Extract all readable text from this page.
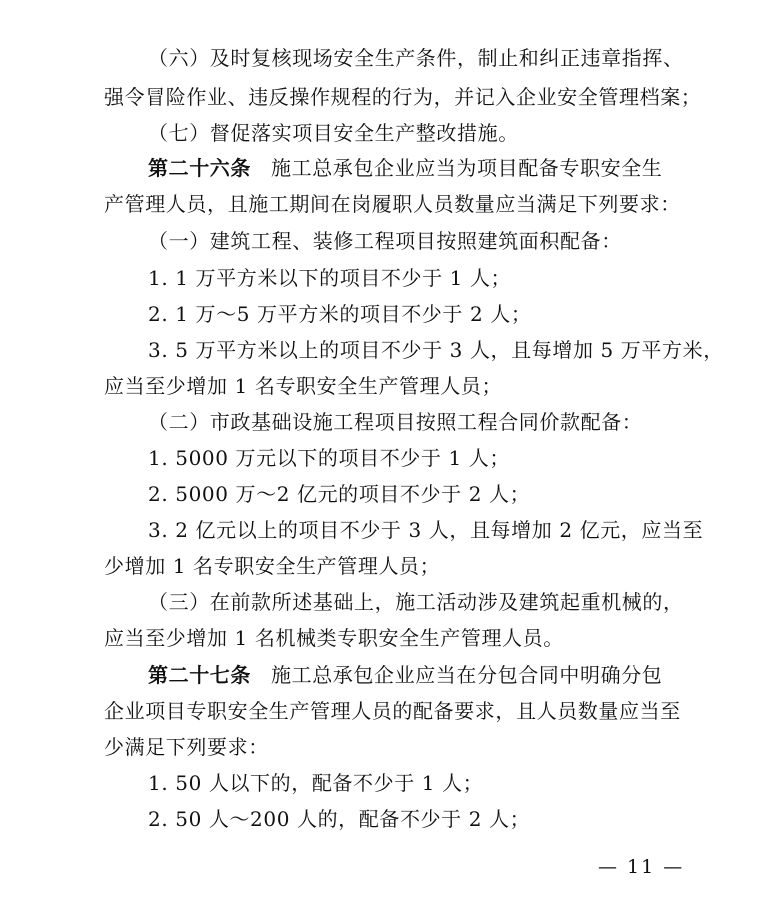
（六）及时复核现场安全生产条件，制止和纠正违章指挥、
强令冒险作业、违反操作规程的行为，并记入企业安全管理档案；
（七）督促落实项目安全生产整改措施。
第二十六条 施工总承包企业应当为项目配备专职安全生
产管理人员，且施工期间在岗履职人员数量应当满足下列要求：
（一）建筑工程、装修工程项目按照建筑面积配备：
1. 1 万平方米以下的项目不少于 1 人；
2. 1 万～5 万平方米的项目不少于 2 人；
3. 5 万平方米以上的项目不少于 3 人，且每增加 5 万平方米，
应当至少增加 1 名专职安全生产管理人员；
（二）市政基础设施工程项目按照工程合同价款配备：
1. 5000 万元以下的项目不少于 1 人；
2. 5000 万～2 亿元的项目不少于 2 人；
3. 2 亿元以上的项目不少于 3 人，且每增加 2 亿元，应当至
少增加 1 名专职安全生产管理人员；
（三）在前款所述基础上，施工活动涉及建筑起重机械的，
应当至少增加 1 名机械类专职安全生产管理人员。
第二十七条 施工总承包企业应当在分包合同中明确分包
企业项目专职安全生产管理人员的配备要求，且人员数量应当至
少满足下列要求：
1. 50 人以下的，配备不少于 1 人；
2. 50 人～200 人的，配备不少于 2 人；
— 11 —
